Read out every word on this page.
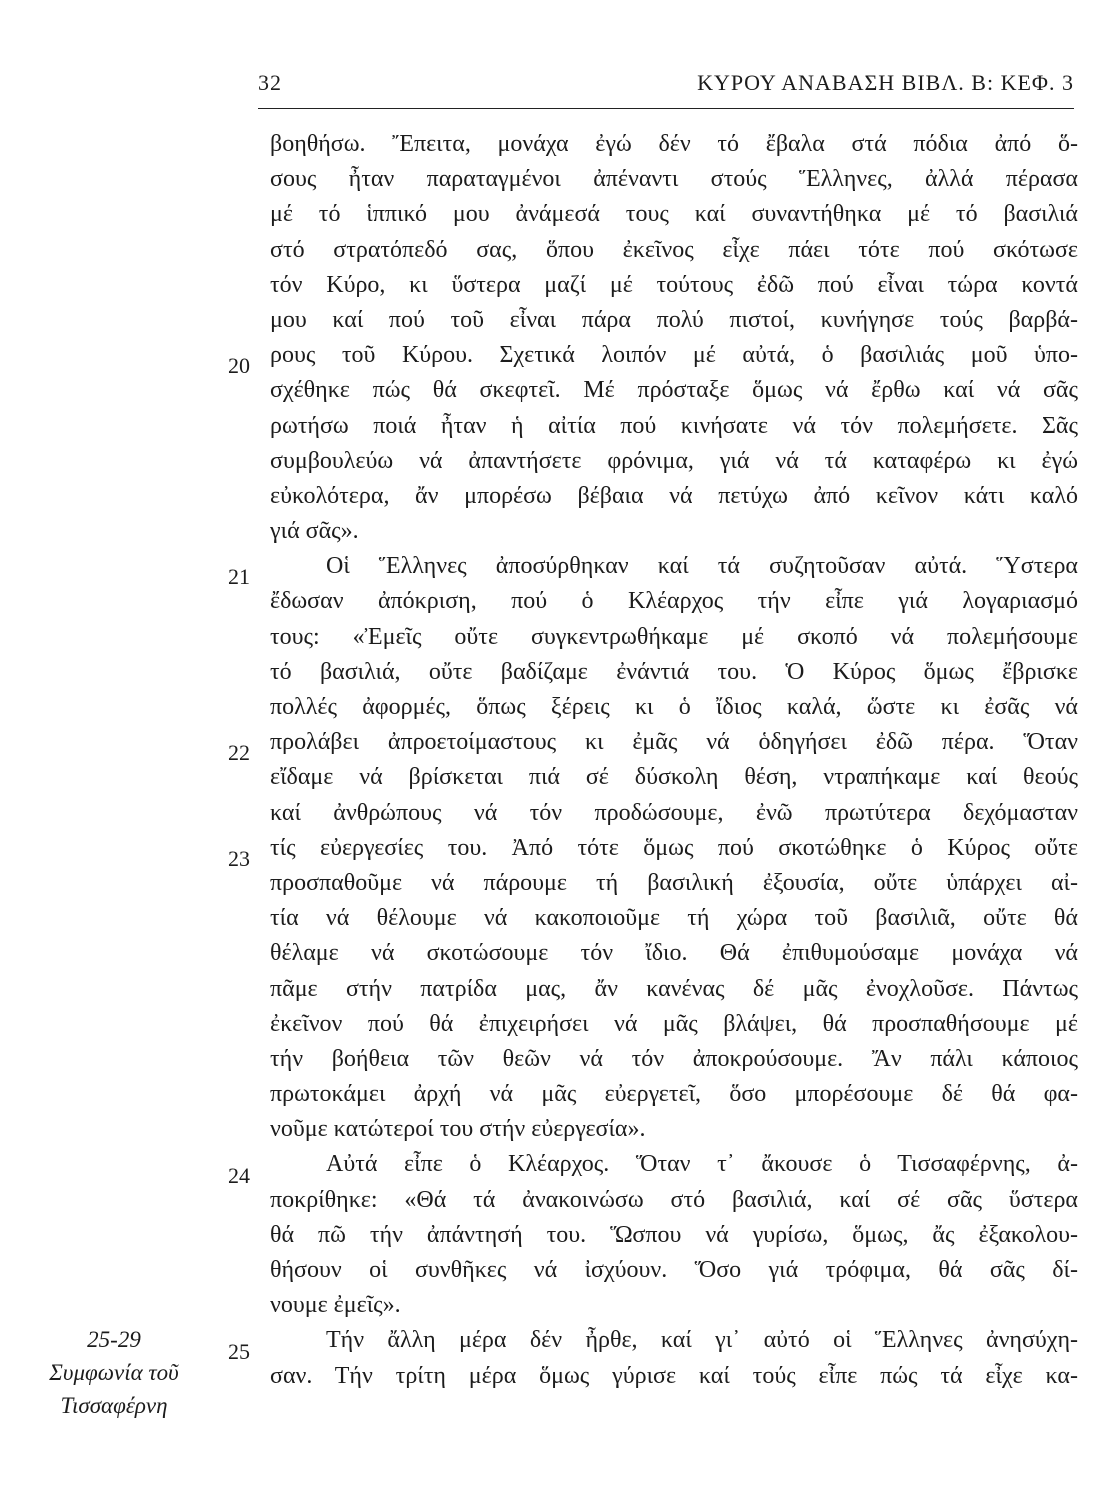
32	ΚΥΡΟΥ ΑΝΑΒΑΣΗ ΒΙΒΛ. Β: ΚΕΦ. 3
βοηθήσω. Ἔπειτα, μονάχα ἐγώ δέν τό ἔβαλα στά πόδια ἀπό ὅ-
σους ἦταν παραταγμένοι ἀπέναντι στούς Ἕλληνες, ἀλλά πέρασα
μέ τό ἱππικό μου ἀνάμεσά τους καί συναντήθηκα μέ τό βασιλιά
στό στρατόπεδό σας, ὅπου ἐκεῖνος εἶχε πάει τότε πού σκότωσε
τόν Κύρο, κι ὕστερα μαζί μέ τούτους ἐδῶ πού εἶναι τώρα κοντά
μου καί πού τοῦ εἶναι πάρα πολύ πιστοί, κυνήγησε τούς βαρβά-
ρους τοῦ Κύρου. Σχετικά λοιπόν μέ αὐτά, ὁ βασιλιάς μοῦ ὑπο-
σχέθηκε πώς θά σκεφτεῖ. Μέ πρόσταξε ὅμως νά ἔρθω καί νά σᾶς
ρωτήσω ποιά ἦταν ἡ αἰτία πού κινήσατε νά τόν πολεμήσετε. Σᾶς
συμβουλεύω νά ἀπαντήσετε φρόνιμα, γιά νά τά καταφέρω κι ἐγώ
εὐκολότερα, ἄν μπορέσω βέβαια νά πετύχω ἀπό κεῖνον κάτι καλό
γιά σᾶς».
Οἱ Ἕλληνες ἀποσύρθηκαν καί τά συζητοῦσαν αὐτά. Ὕστερα
ἔδωσαν ἀπόκριση, πού ὁ Κλέαρχος τήν εἶπε γιά λογαριασμό
τους: «Ἐμεῖς οὔτε συγκεντρωθήκαμε μέ σκοπό νά πολεμήσουμε
τό βασιλιά, οὔτε βαδίζαμε ἐνάντιά του. Ὁ Κύρος ὅμως ἔβρισκε
πολλές ἀφορμές, ὅπως ξέρεις κι ὁ ἴδιος καλά, ὥστε κι ἐσᾶς νά
προλάβει ἀπροετοίμαστους κι ἐμᾶς νά ὁδηγήσει ἐδῶ πέρα. Ὅταν
εἴδαμε νά βρίσκεται πιά σέ δύσκολη θέση, ντραπήκαμε καί θεούς
καί ἀνθρώπους νά τόν προδώσουμε, ἐνῶ πρωτύτερα δεχόμασταν
τίς εὐεργεσίες του. Ἀπό τότε ὅμως πού σκοτώθηκε ὁ Κύρος οὔτε
προσπαθοῦμε νά πάρουμε τή βασιλική ἐξουσία, οὔτε ὑπάρχει αἰ-
τία νά θέλουμε νά κακοποιοῦμε τή χώρα τοῦ βασιλιᾶ, οὔτε θά
θέλαμε νά σκοτώσουμε τόν ἴδιο. Θά ἐπιθυμούσαμε μονάχα νά
πᾶμε στήν πατρίδα μας, ἄν κανένας δέ μᾶς ἐνοχλοῦσε. Πάντως
ἐκεῖνον πού θά ἐπιχειρήσει νά μᾶς βλάψει, θά προσπαθήσουμε μέ
τήν βοήθεια τῶν θεῶν νά τόν ἀποκρούσουμε. Ἄν πάλι κάποιος
πρωτοκάμει ἀρχή νά μᾶς εὐεργετεῖ, ὅσο μπορέσουμε δέ θά φα-
νοῦμε κατώτεροί του στήν εὐεργεσία».
Αὐτά εἶπε ὁ Κλέαρχος. Ὅταν τ᾿ ἄκουσε ὁ Τισσαφέρνης, ἀ-
ποκρίθηκε: «Θά τά ἀνακοινώσω στό βασιλιά, καί σέ σᾶς ὕστερα
θά πῶ τήν ἀπάντησή του. Ὥσπου νά γυρίσω, ὅμως, ἄς ἐξακολου-
θήσουν οἱ συνθῆκες νά ἰσχύουν. Ὅσο γιά τρόφιμα, θά σᾶς δί-
νουμε ἐμεῖς».
Τήν ἄλλη μέρα δέν ἦρθε, καί γι᾿ αὐτό οἱ Ἕλληνες ἀνησύχη-
σαν. Τήν τρίτη μέρα ὅμως γύρισε καί τούς εἶπε πώς τά εἶχε κα-
20
21
22
23
24
25
25-29
Συμφωνία τοῦ
Τισσαφέρνη
